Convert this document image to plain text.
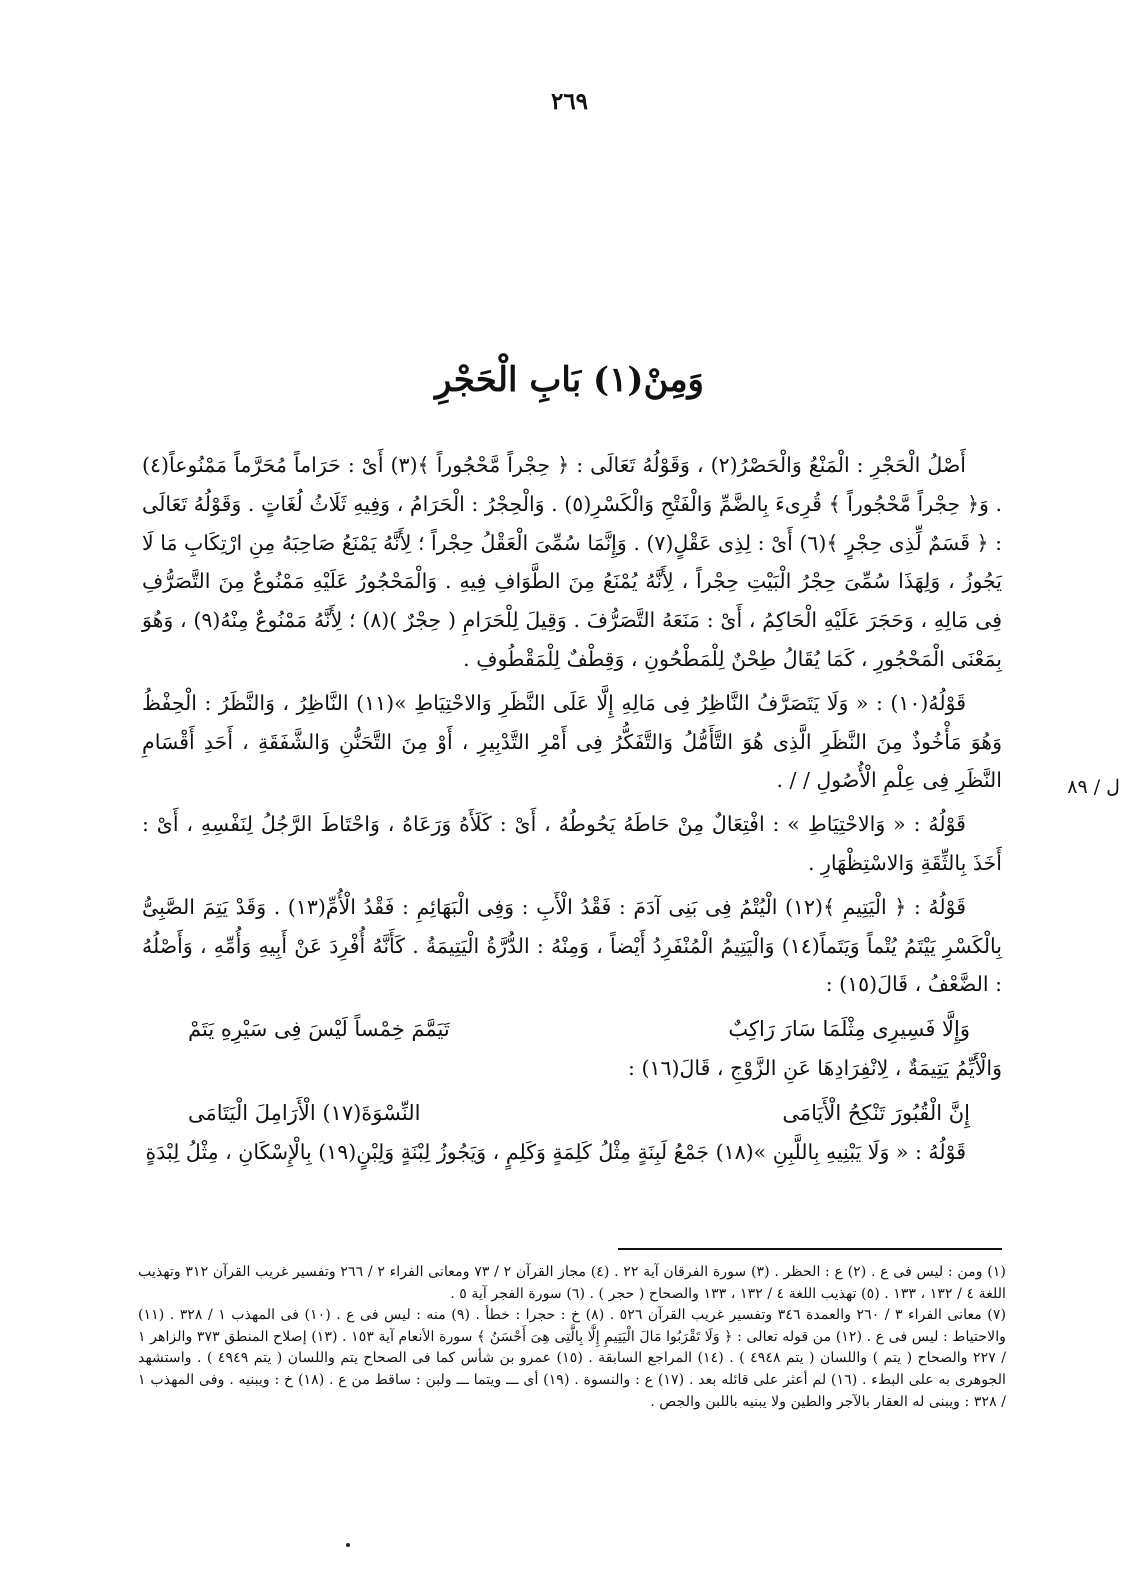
٢٦٩
وَمِنْ(١) بَابِ الْحَجْرِ

أَصْلُ الْحَجْرِ : الْمَنْعُ وَالْحَصْرُ(٢) ، وَقَوْلُهُ تَعَالَى : ﴿ حِجْراً مَّحْجُوراً ﴾(٣) أَىْ : حَرَاماً مُحَرَّماً مَمْنُوعاً(٤) . وَ﴿ حِجْراً مَّحْجُوراً ﴾ قُرِىءَ بِالضَّمِّ وَالْفَتْحِ وَالْكَسْرِ(٥) . وَالْحِجْرُ : الْحَرَامُ ، وَفِيهِ ثَلَاثُ لُغَاتٍ . وَقَوْلُهُ تَعَالَى : ﴿ قَسَمٌ لِّذِى حِجْرٍ ﴾(٦) أَىْ : لِذِى عَقْلٍ(٧) . وَإِنَّمَا سُمِّىَ الْعَقْلُ حِجْراً ؛ لِأَنَّهُ يَمْنَعُ صَاحِبَهُ مِنِ ارْتِكَابِ مَا لَا يَجُوزُ ، وَلِهَذَا سُمِّىَ حِجْرُ الْبَيْتِ حِجْراً ، لِأَنَّهُ يُمْنَعُ مِنَ الطَّوَافِ فِيهِ . وَالْمَحْجُورُ عَلَيْهِ مَمْنُوعٌ مِنَ التَّصَرُّفِ فِى مَالِهِ ، وَحَجَرَ عَلَيْهِ الْحَاكِمُ ، أَىْ : مَنَعَهُ التَّصَرُّفَ . وَقِيلَ لِلْحَرَامِ ( حِجْرٌ )(٨) ؛ لِأَنَّهُ مَمْنُوعٌ مِنْهُ(٩) ، وَهُوَ بِمَعْنَى الْمَحْجُورِ ، كَمَا يُقَالُ طِحْنٌ لِلْمَطْحُونِ ، وَقِطْفٌ لِلْمَقْطُوفِ .

قَوْلُهُ(١٠) : « وَلَا يَتَصَرَّفُ النَّاظِرُ فِى مَالِهِ إِلَّا عَلَى النَّظَرِ وَالاحْتِيَاطِ »(١١) النَّاظِرُ ، وَالنَّظَرُ : الْحِفْظُ وَهُوَ مَأْخُوذٌ مِنَ النَّظَرِ الَّذِى هُوَ التَّأَمُّلُ وَالتَّفَكُّرُ فِى أَمْرِ التَّدْبِيرِ ، أَوْ مِنَ التَّحَنُّنِ وَالشَّفَقَةِ ، أَحَدِ أَقْسَامِ النَّظَرِ فِى عِلْمِ الْأُصُولِ / / .

قَوْلُهُ : « وَالاحْتِيَاطِ » : افْتِعَالٌ مِنْ حَاطَهُ يَحُوطُهُ ، أَىْ : كَلَأَهُ وَرَعَاهُ ، وَاحْتَاطَ الرَّجُلُ لِنَفْسِهِ ، أَىْ : أَخَذَ بِالثِّقَةِ وَالاسْتِظْهَارِ .

قَوْلُهُ : ﴿ الْيَتِيمِ ﴾(١٢) الْيُتْمُ فِى بَنِى آدَمَ : فَقْدُ الْأَبِ : وَفِى الْبَهَائِمِ : فَقْدُ الْأُمِّ(١٣) . وَقَدْ يَتِمَ الصَّبِىُّ بِالْكَسْرِ يَيْتَمُ يُتْماً وَيَتَماً(١٤) وَالْيَتِيمُ الْمُنْفَرِدُ أَيْضاً ، وَمِنْهُ : الدُّرَّةُ الْيَتِيمَةُ . كَأَنَّهُ أُفْرِدَ عَنْ أَبِيهِ وَأُمِّهِ ، وَأَصْلُهُ : الضَّعْفُ ، قَالَ(١٥) :

وَإِلَّا فَسِيرِى مِثْلَمَا سَارَ رَاكِبٌ
تَيَمَّمَ خِمْساً لَيْسَ فِى سَيْرِهِ يَتَمْ

وَالْأَيِّمُ يَتِيمَةٌ ، لِانْفِرَادِهَا عَنِ الزَّوْجِ ، قَالَ(١٦) :

إِنَّ الْقُبُورَ تَنْكِحُ الْأَيَامَى
النِّسْوَةَ(١٧) الْأَرَامِلَ الْيَتَامَى

قَوْلُهُ : « وَلَا يَبْنِيهِ بِاللَّبِنِ »(١٨) جَمْعُ لَبِنَةٍ مِثْلُ كَلِمَةٍ وَكَلِمٍ ، وَيَجُوزُ لِبْنَةٍ وَلِبْنٍ(١٩) بِالْإِسْكَانِ ، مِثْلُ لِبْدَةٍ

ل / ٨٩

(١) ومن : ليس فى ع . (٢) ع : الحظر . (٣) سورة الفرقان آية ٢٢ . (٤) مجاز القرآن ٢ / ٧٣ ومعانى الفراء ٢ / ٢٦٦ وتفسير غريب القرآن ٣١٢ وتهذيب اللغة ٤ / ١٣٢ ، ١٣٣ . (٥) تهذيب اللغة ٤ / ١٣٢ ، ١٣٣ والصحاح ( حجر ) . (٦) سورة الفجر آية ٥ .

(٧) معانى الفراء ٣ / ٢٦٠ والعمدة ٣٤٦ وتفسير غريب القرآن ٥٢٦ . (٨) خ : حجرا : خطأ . (٩) منه : ليس فى ع . (١٠) فى المهذب ١ / ٣٢٨ . (١١) والاحتياط : ليس فى ع . (١٢) من قوله تعالى : ﴿ وَلَا تَقْرَبُوا مَالَ الْيَتِيمِ إِلَّا بِالَّتِى هِىَ أَحْسَنُ ﴾ سورة الأنعام آية ١٥٣ . (١٣) إصلاح المنطق ٣٧٣ والزاهر ١ / ٢٢٧ والصحاح ( يتم ) واللسان ( يتم ٤٩٤٨ ) . (١٤) المراجع السابقة . (١٥) عمرو بن شأس كما فى الصحاح يتم واللسان ( يتم ٤٩٤٩ ) . واستشهد الجوهرى به على البطء . (١٦) لم أعثر على قائله بعد . (١٧) ع : والنسوة . (١٩) أى ـــ ويتما ـــ ولبن : ساقط من ع . (١٨) خ : ويبنيه . وفى المهذب ١ / ٣٢٨ : ويبنى له العقار بالآجر والطين ولا يبنيه باللبن والجص .
